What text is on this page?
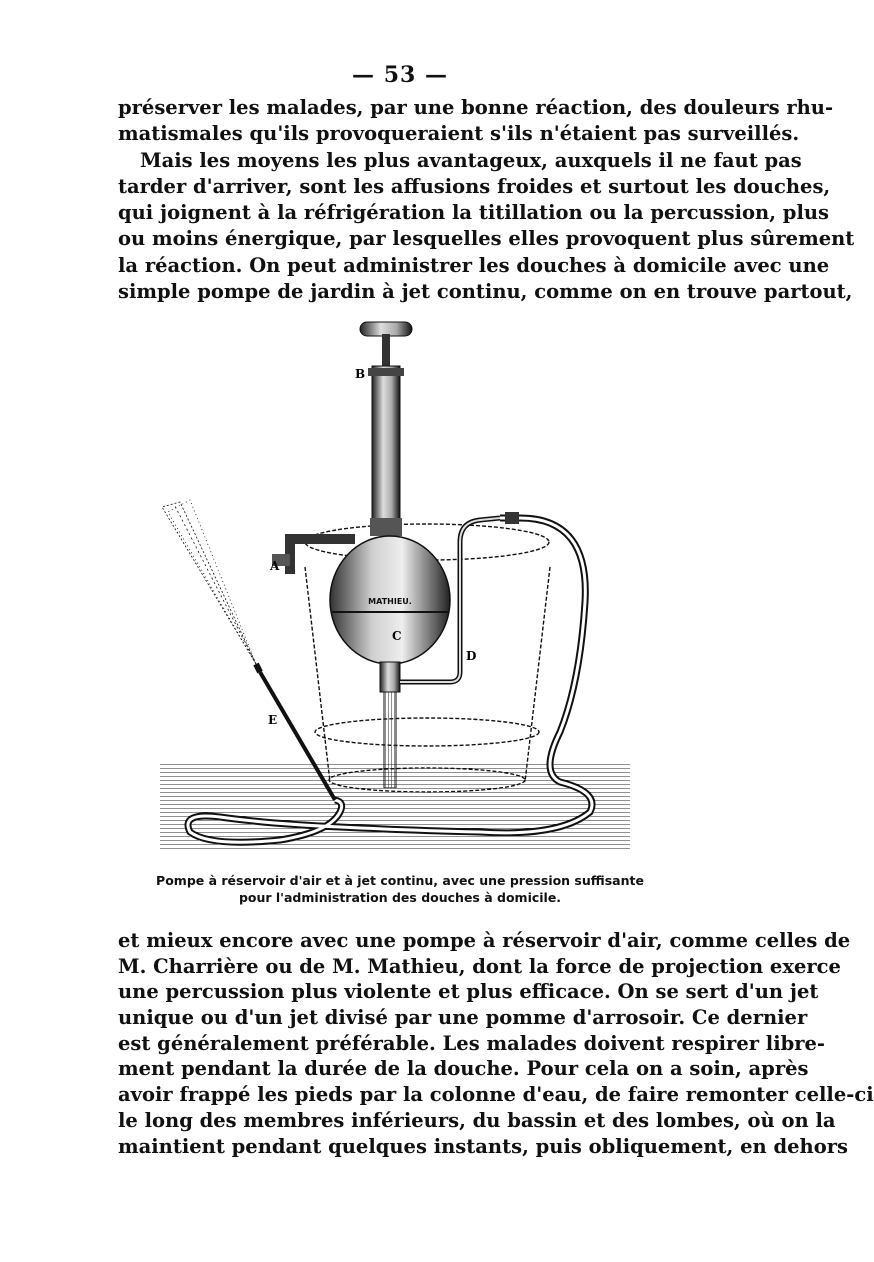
— 53 —
préserver les malades, par une bonne réaction, des douleurs rhu-
matismales qu'ils provoqueraient s'ils n'étaient pas surveillés.
Mais les moyens les plus avantageux, auxquels il ne faut pas
tarder d'arriver, sont les affusions froides et surtout les douches,
qui joignent à la réfrigération la titillation ou la percussion, plus
ou moins énergique, par lesquelles elles provoquent plus sûrement
la réaction. On peut administrer les douches à domicile avec une
simple pompe de jardin à jet continu, comme on en trouve partout,
MATHIEU.
B
A
C
D
E
Pompe à réservoir d'air et à jet continu, avec une pression suffisante
pour l'administration des douches à domicile.
et mieux encore avec une pompe à réservoir d'air, comme celles de
M. Charrière ou de M. Mathieu, dont la force de projection exerce
une percussion plus violente et plus efficace. On se sert d'un jet
unique ou d'un jet divisé par une pomme d'arrosoir. Ce dernier
est généralement préférable. Les malades doivent respirer libre-
ment pendant la durée de la douche. Pour cela on a soin, après
avoir frappé les pieds par la colonne d'eau, de faire remonter celle-ci
le long des membres inférieurs, du bassin et des lombes, où on la
maintient pendant quelques instants, puis obliquement, en dehors
